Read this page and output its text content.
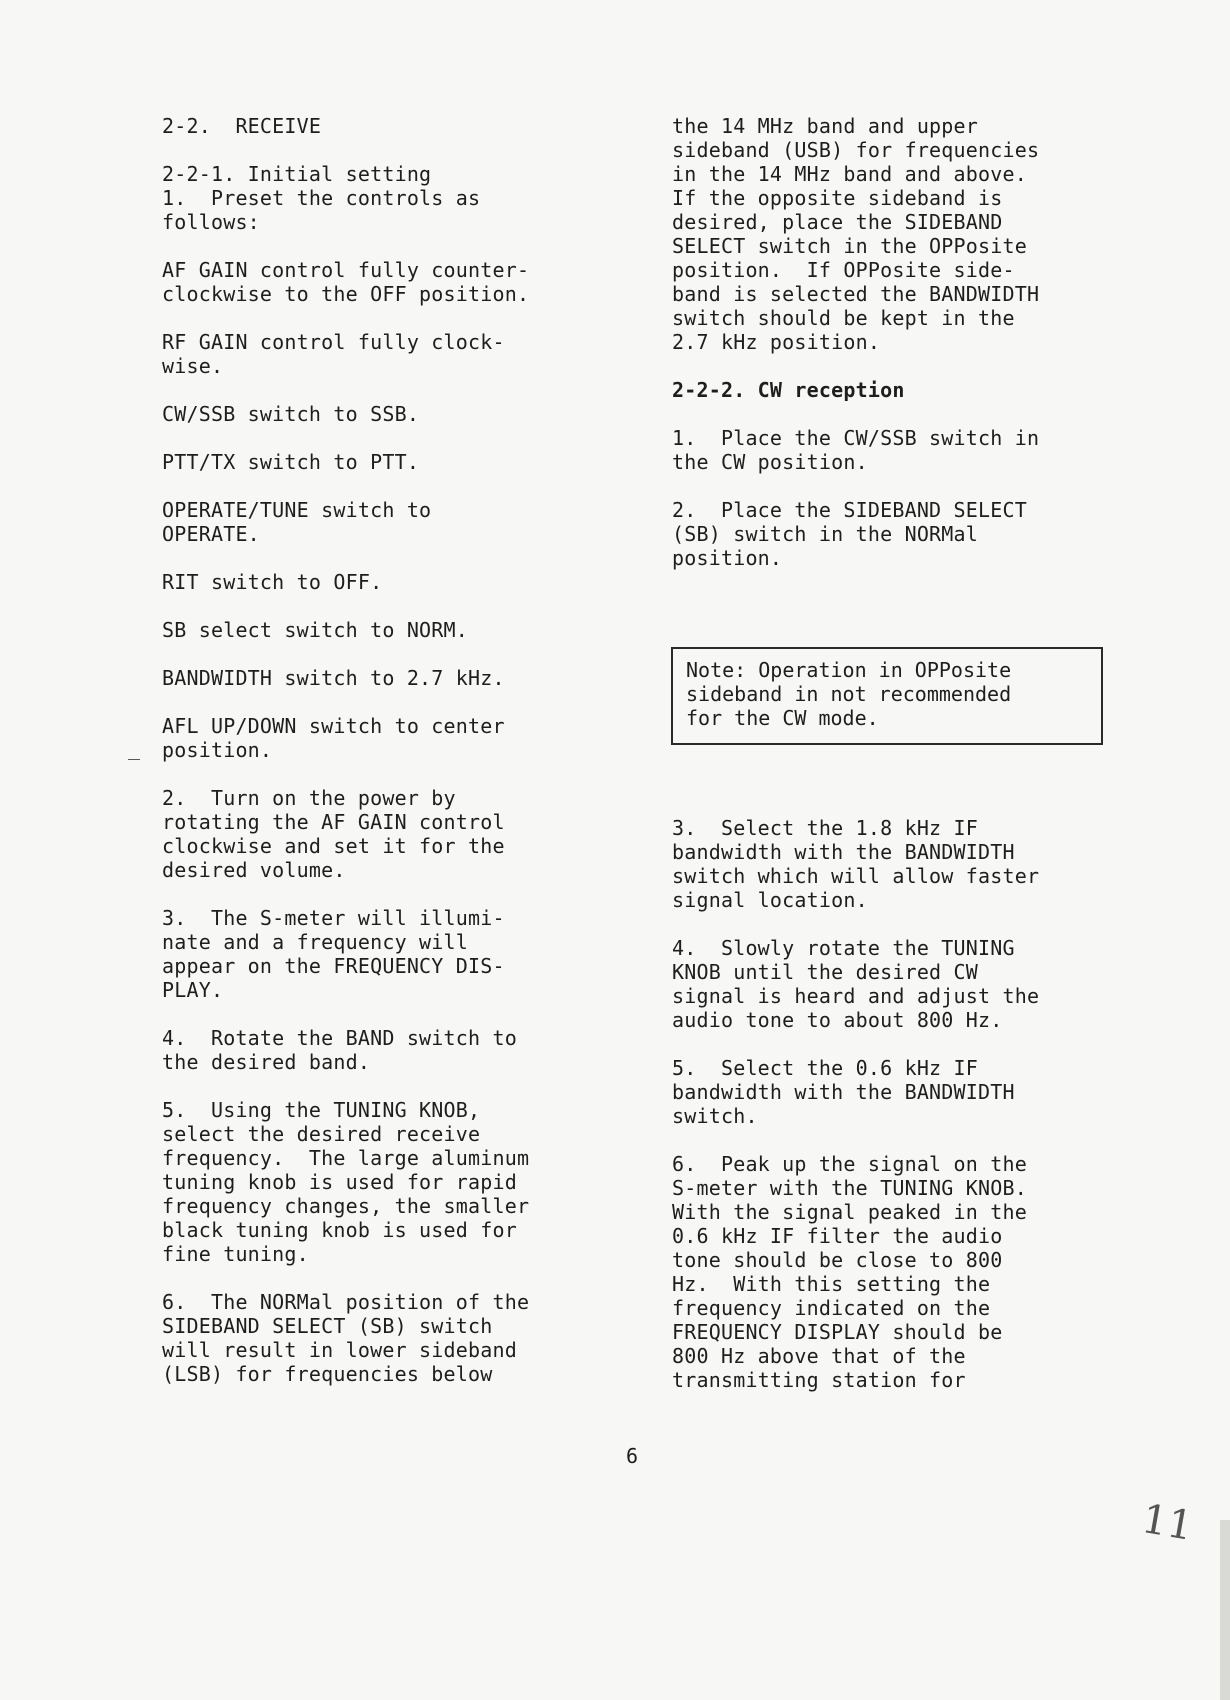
2-2.  RECEIVE

2-2-1. Initial setting
1.  Preset the controls as
follows:

AF GAIN control fully counter-
clockwise to the OFF position.

RF GAIN control fully clock-
wise.

CW/SSB switch to SSB.

PTT/TX switch to PTT.

OPERATE/TUNE switch to
OPERATE.

RIT switch to OFF.

SB select switch to NORM.

BANDWIDTH switch to 2.7 kHz.

AFL UP/DOWN switch to center
position.

2.  Turn on the power by
rotating the AF GAIN control
clockwise and set it for the
desired volume.

3.  The S-meter will illumi-
nate and a frequency will
appear on the FREQUENCY DIS-
PLAY.

4.  Rotate the BAND switch to
the desired band.

5.  Using the TUNING KNOB,
select the desired receive
frequency.  The large aluminum
tuning knob is used for rapid
frequency changes, the smaller
black tuning knob is used for
fine tuning.

6.  The NORMal position of the
SIDEBAND SELECT (SB) switch
will result in lower sideband
(LSB) for frequencies below
the 14 MHz band and upper
sideband (USB) for frequencies
in the 14 MHz band and above.
If the opposite sideband is
desired, place the SIDEBAND
SELECT switch in the OPPosite
position.  If OPPosite side-
band is selected the BANDWIDTH
switch should be kept in the
2.7 kHz position.

2-2-2. CW reception

1.  Place the CW/SSB switch in
the CW position.

2.  Place the SIDEBAND SELECT
(SB) switch in the NORMal
position.
Note: Operation in OPPosite
sideband in not recommended
for the CW mode.
3.  Select the 1.8 kHz IF
bandwidth with the BANDWIDTH
switch which will allow faster
signal location.

4.  Slowly rotate the TUNING
KNOB until the desired CW
signal is heard and adjust the
audio tone to about 800 Hz.

5.  Select the 0.6 kHz IF
bandwidth with the BANDWIDTH
switch.

6.  Peak up the signal on the
S-meter with the TUNING KNOB.
With the signal peaked in the
0.6 kHz IF filter the audio
tone should be close to 800
Hz.  With this setting the
frequency indicated on the
FREQUENCY DISPLAY should be
800 Hz above that of the
transmitting station for
6
11
_
